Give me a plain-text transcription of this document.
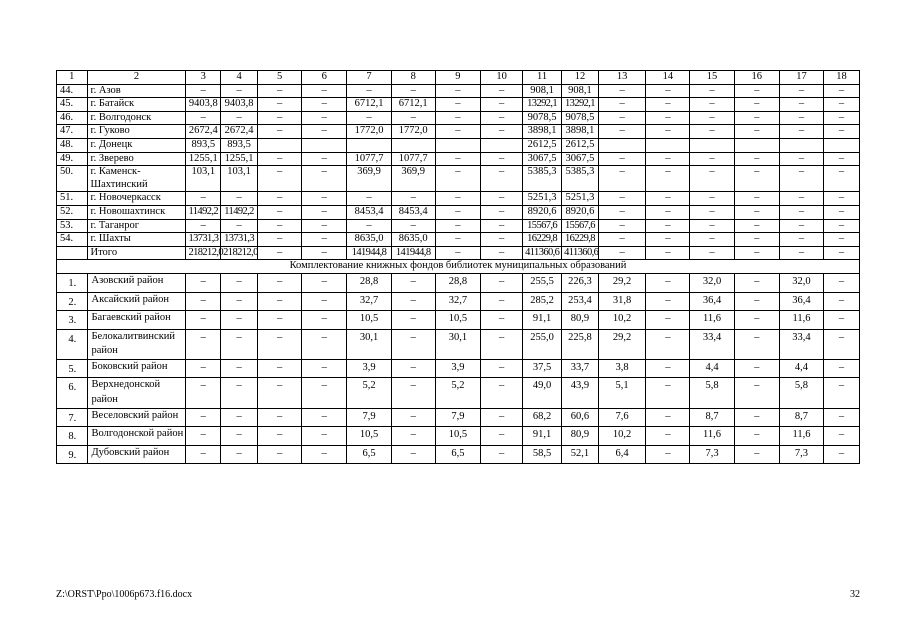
1	2	3	4	5	6	7	8	9	10	11	12	13	14	15	16	17	18
44.	г. Азов	–	–	–	–	–	–	–	–	908,1	908,1	–	–	–	–	–	–
45.	г. Батайск	9403,8	9403,8	–	–	6712,1	6712,1	–	–	13292,1	13292,1	–	–	–	–	–	–
46.	г. Волгодонск	–	–	–	–	–	–	–	–	9078,5	9078,5	–	–	–	–	–	–
47.	г. Гуково	2672,4	2672,4	–	–	1772,0	1772,0	–	–	3898,1	3898,1	–	–	–	–	–	–
48.	г. Донецк	893,5	893,5							2612,5	2612,5						
49.	г. Зверево	1255,1	1255,1	–	–	1077,7	1077,7	–	–	3067,5	3067,5	–	–	–	–	–	–
50.	г. Каменск-Шахтинский	103,1	103,1	–	–	369,9	369,9	–	–	5385,3	5385,3	–	–	–	–	–	–
51.	г. Новочеркасск	–	–	–	–	–	–	–	–	5251,3	5251,3	–	–	–	–	–	–
52.	г. Новошахтинск	11492,2	11492,2	–	–	8453,4	8453,4	–	–	8920,6	8920,6	–	–	–	–	–	–
53.	г. Таганрог	–	–	–	–	–	–	–	–	15567,6	15567,6	–	–	–	–	–	–
54.	г. Шахты	13731,3	13731,3	–	–	8635,0	8635,0	–	–	16229,8	16229,8	–	–	–	–	–	–
	Итого	218212,0	218212,0	–	–	141944,8	141944,8	–	–	411360,6	411360,6	–	–	–	–	–	–
Комплектование книжных фондов библиотек муниципальных образований																	
1.	Азовский район	–	–	–	–	28,8	–	28,8	–	255,5	226,3	29,2	–	32,0	–	32,0	–
2.	Аксайский район	–	–	–	–	32,7	–	32,7	–	285,2	253,4	31,8	–	36,4	–	36,4	–
3.	Багаевский район	–	–	–	–	10,5	–	10,5	–	91,1	80,9	10,2	–	11,6	–	11,6	–
4.	Белокалитвинский район	–	–	–	–	30,1	–	30,1	–	255,0	225,8	29,2	–	33,4	–	33,4	–
5.	Боковский район	–	–	–	–	3,9	–	3,9	–	37,5	33,7	3,8	–	4,4	–	4,4	–
6.	Верхнедонской район	–	–	–	–	5,2	–	5,2	–	49,0	43,9	5,1	–	5,8	–	5,8	–
7.	Веселовский район	–	–	–	–	7,9	–	7,9	–	68,2	60,6	7,6	–	8,7	–	8,7	–
8.	Волгодонской район	–	–	–	–	10,5	–	10,5	–	91,1	80,9	10,2	–	11,6	–	11,6	–
9.	Дубовский район	–	–	–	–	6,5	–	6,5	–	58,5	52,1	6,4	–	7,3	–	7,3	–
Z:\ORST\Ppo\1006p673.f16.docx	32
